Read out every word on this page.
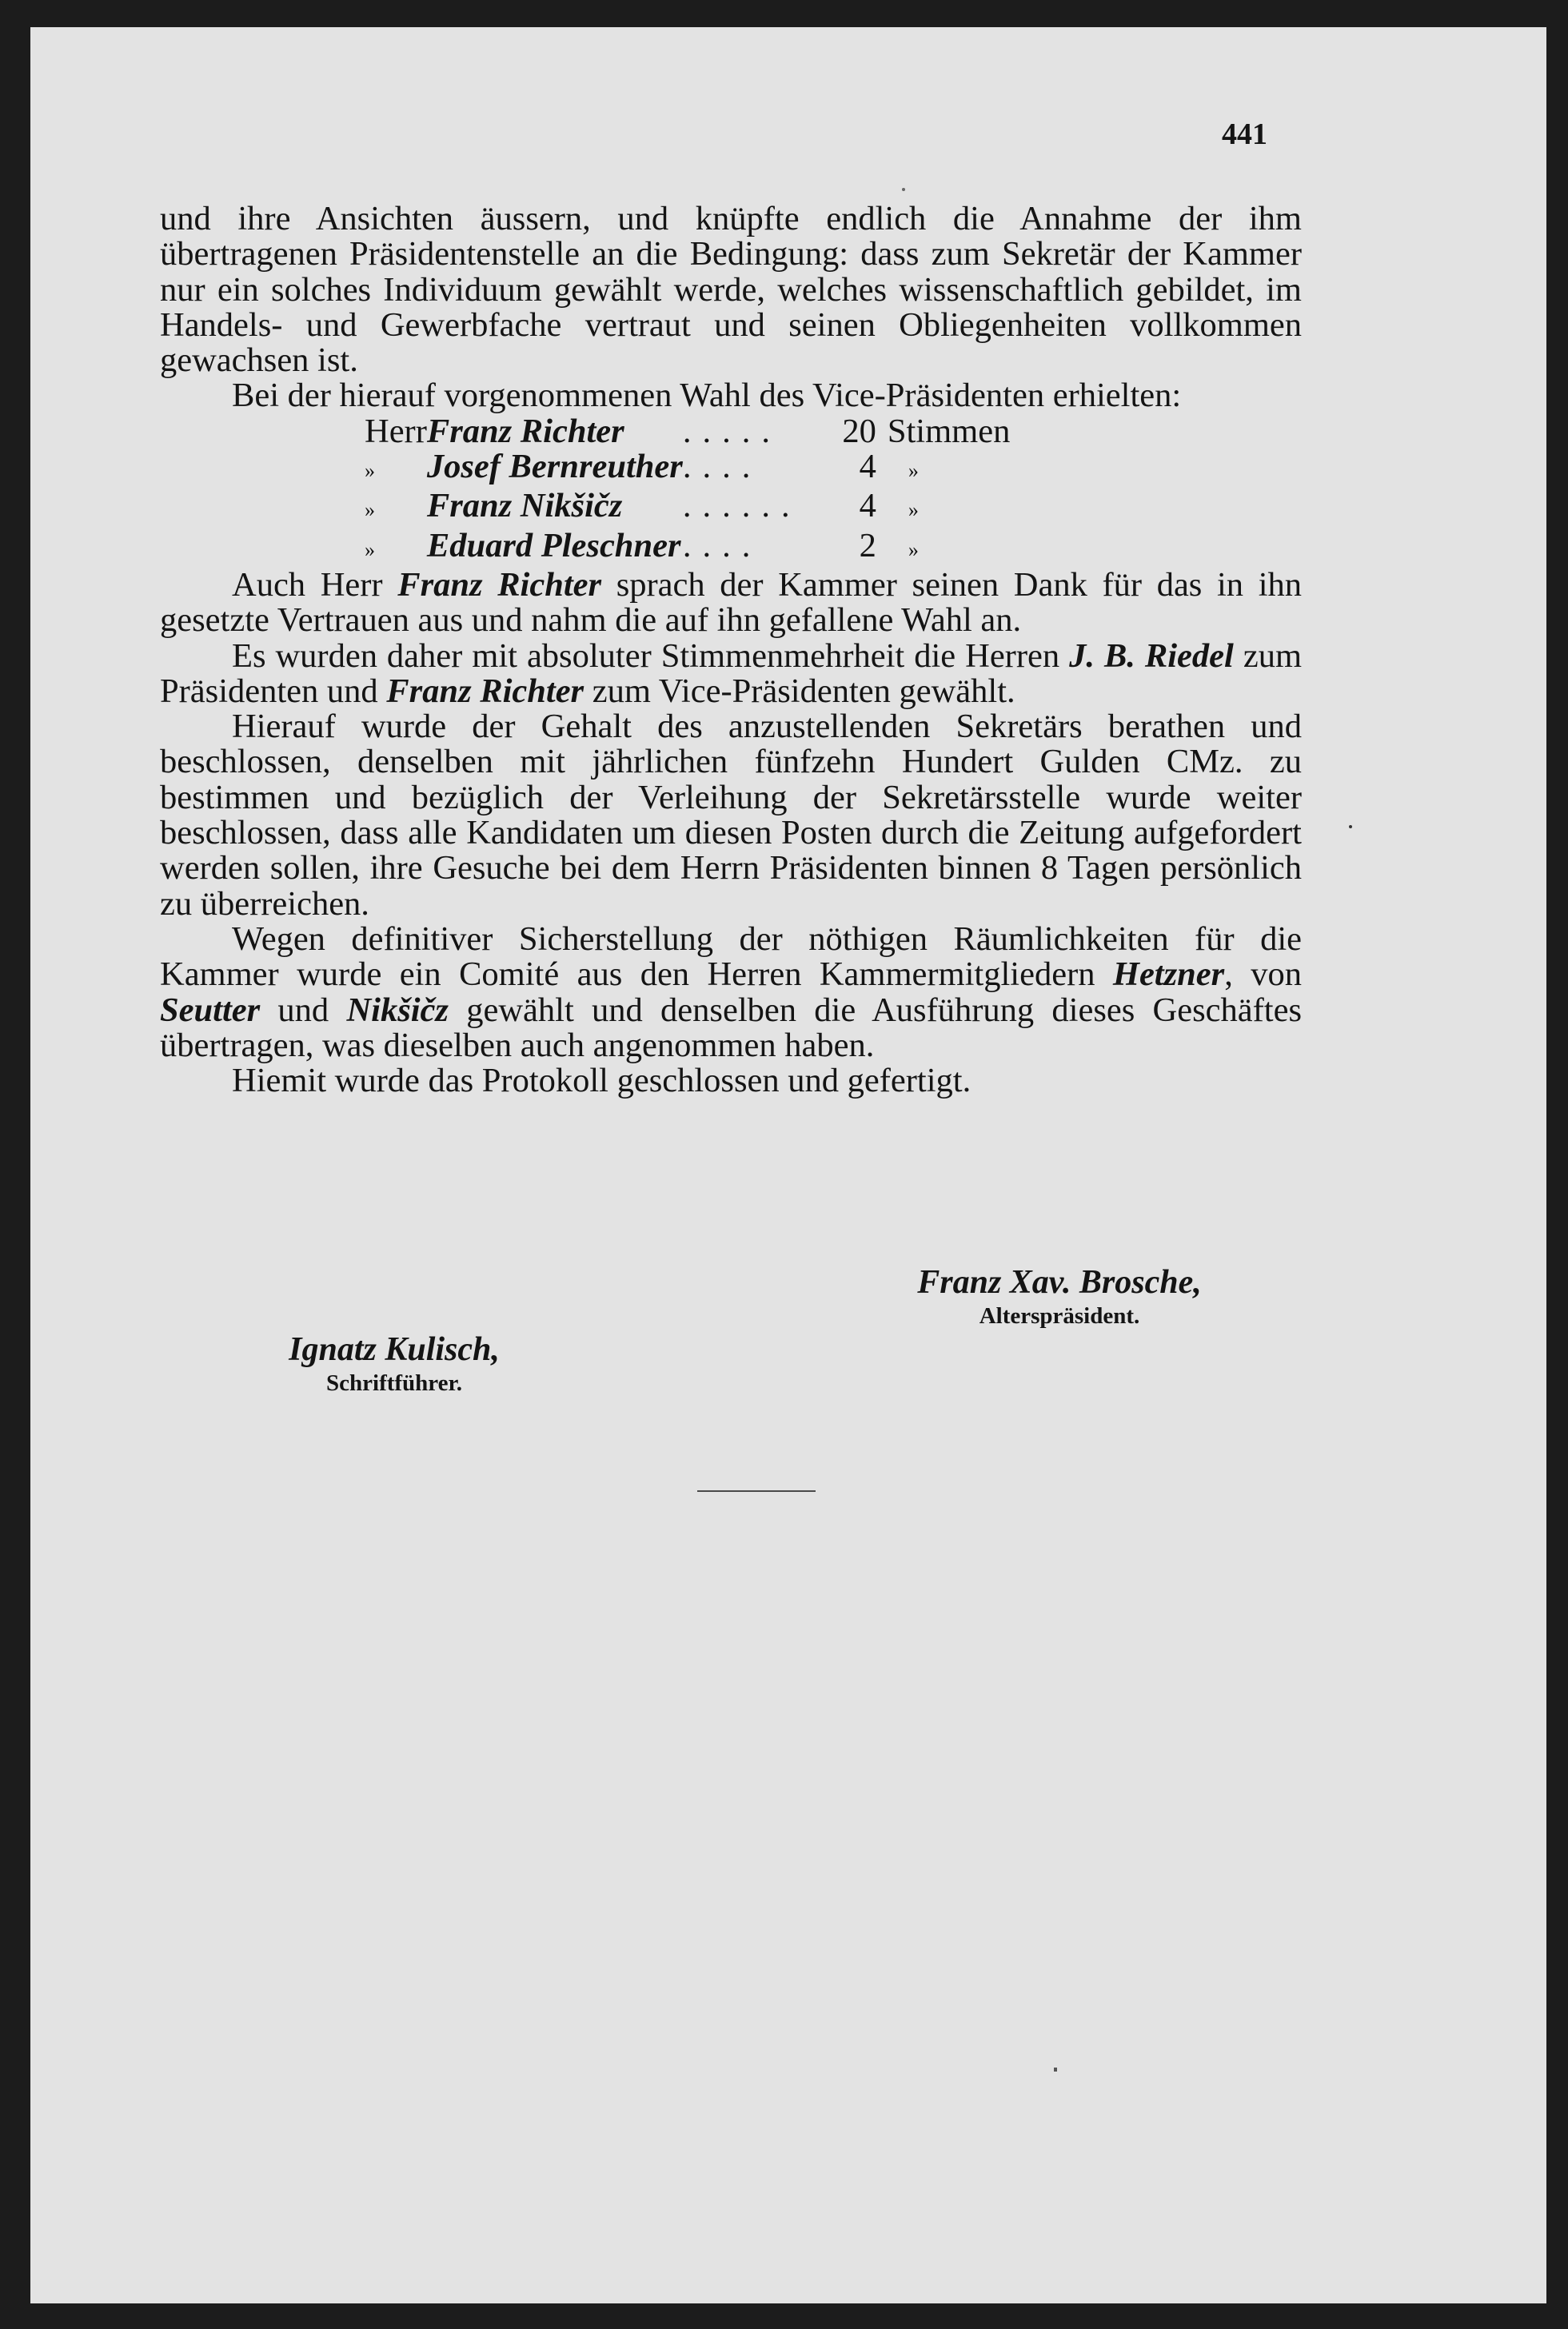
441

und ihre Ansichten äussern, und knüpfte endlich die Annahme der ihm übertragenen Präsidentenstelle an die Bedingung: dass zum Sekretär der Kammer nur ein solches Individuum gewählt werde, welches wissenschaftlich gebildet, im Handels- und Gewerbfache vertraut und seinen Obliegenheiten vollkommen gewachsen ist.

Bei der hierauf vorgenommenen Wahl des Vice-Präsidenten erhielten:

Herr	Franz Richter	.....	20	Stimmen
»	Josef Bernreuther	....	4	»
»	Franz Nikšičz	......	4	»
»	Eduard Pleschner	....	2	»

Auch Herr Franz Richter sprach der Kammer seinen Dank für das in ihn gesetzte Vertrauen aus und nahm die auf ihn gefallene Wahl an.

Es wurden daher mit absoluter Stimmenmehrheit die Herren J. B. Riedel zum Präsidenten und Franz Richter zum Vice-Präsidenten gewählt.

Hierauf wurde der Gehalt des anzustellenden Sekretärs berathen und beschlossen, denselben mit jährlichen fünfzehn Hundert Gulden CMz. zu bestimmen und bezüglich der Verleihung der Sekretärsstelle wurde weiter beschlossen, dass alle Kandidaten um diesen Posten durch die Zeitung aufgefordert werden sollen, ihre Gesuche bei dem Herrn Präsidenten binnen 8 Tagen persönlich zu überreichen.

Wegen definitiver Sicherstellung der nöthigen Räumlichkeiten für die Kammer wurde ein Comité aus den Herren Kammermitgliedern Hetzner, von Seutter und Nikšičz gewählt und denselben die Ausführung dieses Geschäftes übertragen, was dieselben auch angenommen haben.

Hiemit wurde das Protokoll geschlossen und gefertigt.

Franz Xav. Brosche,
Alterspräsident.
Ignatz Kulisch,
Schriftführer.
